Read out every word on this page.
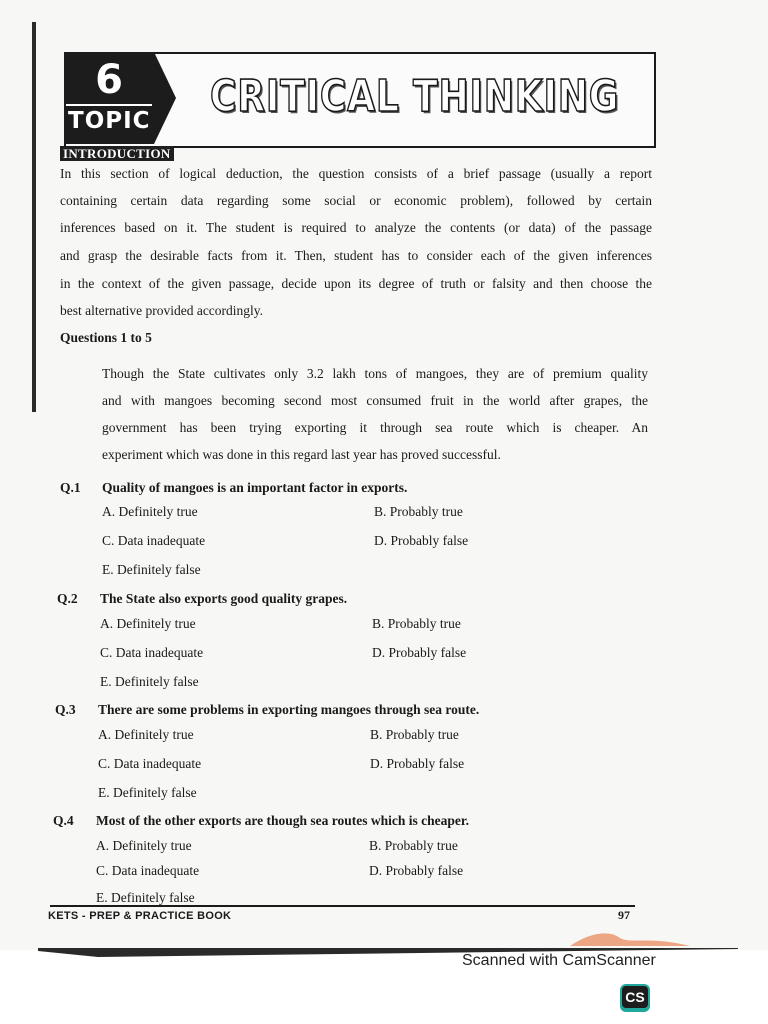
6
TOPIC CRITICAL THINKING
INTRODUCTION
In this section of logical deduction, the question consists of a brief passage (usually a report
containing certain data regarding some social or economic problem), followed by certain
inferences based on it. The student is required to analyze the contents (or data) of the passage
and grasp the desirable facts from it. Then, student has to consider each of the given inferences
in the context of the given passage, decide upon its degree of truth or falsity and then choose the
best alternative provided accordingly.
Questions 1 to 5
Though the State cultivates only 3.2 lakh tons of mangoes, they are of premium quality
and with mangoes becoming second most consumed fruit in the world after grapes, the
government has been trying exporting it through sea route which is cheaper. An
experiment which was done in this regard last year has proved successful.
Q.1 Quality of mangoes is an important factor in exports.
A. Definitely true	B. Probably true
C. Data inadequate	D. Probably false
E. Definitely false
Q.2 The State also exports good quality grapes.
A. Definitely true	B. Probably true
C. Data inadequate	D. Probably false
E. Definitely false
Q.3 There are some problems in exporting mangoes through sea route.
A. Definitely true	B. Probably true
C. Data inadequate	D. Probably false
E. Definitely false
Q.4 Most of the other exports are though sea routes which is cheaper.
A. Definitely true	B. Probably true
C. Data inadequate	D. Probably false
E. Definitely false
KETS - PREP & PRACTICE BOOK	97
Scanned with CamScanner
CS
